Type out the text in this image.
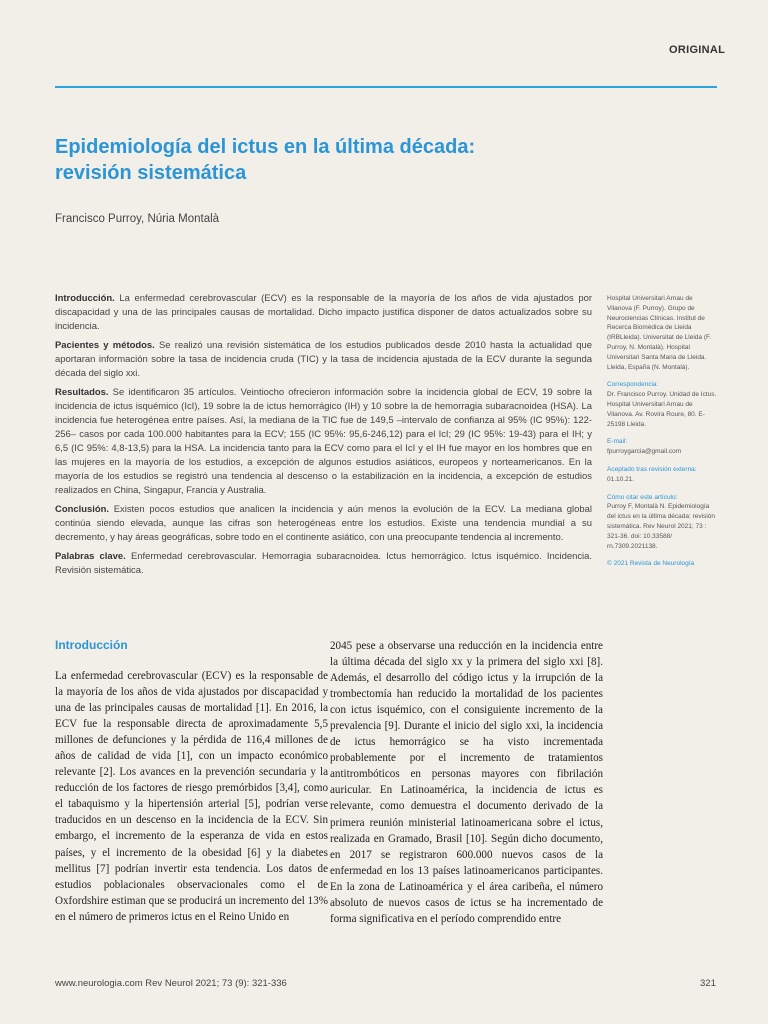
ORIGINAL
Epidemiología del ictus en la última década: revisión sistemática
Francisco Purroy, Núria Montalà

Introducción. La enfermedad cerebrovascular (ECV) es la responsable de la mayoría de los años de vida ajustados por discapacidad y una de las principales causas de mortalidad. Dicho impacto justifica disponer de datos actualizados sobre su incidencia.

Pacientes y métodos. Se realizó una revisión sistemática de los estudios publicados desde 2010 hasta la actualidad que aportaran información sobre la tasa de incidencia cruda (TIC) y la tasa de incidencia ajustada de la ECV durante la segunda década del siglo xxi.

Resultados. Se identificaron 35 artículos. Veintiocho ofrecieron información sobre la incidencia global de ECV, 19 sobre la incidencia de ictus isquémico (IcI), 19 sobre la de ictus hemorrágico (IH) y 10 sobre la de hemorragia subaracnoidea (HSA). La incidencia fue heterogénea entre países. Así, la mediana de la TIC fue de 149,5 –intervalo de confianza al 95% (IC 95%): 122-256– casos por cada 100.000 habitantes para la ECV; 155 (IC 95%: 95,6-246,12) para el IcI; 29 (IC 95%: 19-43) para el IH; y 6,5 (IC 95%: 4,8-13,5) para la HSA. La incidencia tanto para la ECV como para el IcI y el IH fue mayor en los hombres que en las mujeres en la mayoría de los estudios, a excepción de algunos estudios asiáticos, europeos y norteamericanos. En la mayoría de los estudios se registró una tendencia al descenso o la estabilización en la incidencia, a excepción de estudios realizados en China, Singapur, Francia y Australia.

Conclusión. Existen pocos estudios que analicen la incidencia y aún menos la evolución de la ECV. La mediana global continúa siendo elevada, aunque las cifras son heterogéneas entre los estudios. Existe una tendencia mundial a su decremento, y hay áreas geográficas, sobre todo en el continente asiático, con una preocupante tendencia al incremento.

Palabras clave. Enfermedad cerebrovascular. Hemorragia subaracnoidea. Ictus hemorrágico. Ictus isquémico. Incidencia. Revisión sistemática.

Hospital Universitari Arnau de Vilanova (F. Purroy). Grupo de Neurociencias Clínicas. Institut de Recerca Biomèdica de Lleida (IRBLleida). Universitat de Lleida (F. Purroy, N. Montalà). Hospital Universitari Santa Maria de Lleida. Lleida, España (N. Montalà).

Correspondencia:
Dr. Francisco Purroy. Unidad de Ictus. Hospital Universitari Arnau de Vilanova. Av. Rovira Roure, 80. E-25198 Lleida.

E-mail:
fpurroygarcia@gmail.com

Aceptado tras revisión externa:
01.10.21.

Cómo citar este artículo:
Purroy F, Montalà N. Epidemiología del ictus en la última década: revisión sistemática. Rev Neurol 2021; 73 : 321-36. doi: 10.33588/ rn.7309.2021138.

© 2021 Revista de Neurología

Introducción

La enfermedad cerebrovascular (ECV) es la responsable de la mayoría de los años de vida ajustados por discapacidad y una de las principales causas de mortalidad [1]. En 2016, la ECV fue la responsable directa de aproximadamente 5,5 millones de defunciones y la pérdida de 116,4 millones de años de calidad de vida [1], con un impacto económico relevante [2]. Los avances en la prevención secundaria y la reducción de los factores de riesgo premórbidos [3,4], como el tabaquismo y la hipertensión arterial [5], podrían verse traducidos en un descenso en la incidencia de la ECV. Sin embargo, el incremento de la esperanza de vida en estos países, y el incremento de la obesidad [6] y la diabetes mellitus [7] podrían invertir esta tendencia. Los datos de estudios poblacionales observacionales como el de Oxfordshire estiman que se producirá un incremento del 13% en el número de primeros ictus en el Reino Unido en

2045 pese a observarse una reducción en la incidencia entre la última década del siglo xx y la primera del siglo xxi [8]. Además, el desarrollo del código ictus y la irrupción de la trombectomía han reducido la mortalidad de los pacientes con ictus isquémico, con el consiguiente incremento de la prevalencia [9]. Durante el inicio del siglo xxi, la incidencia de ictus hemorrágico se ha visto incrementada probablemente por el incremento de tratamientos antitrombóticos en personas mayores con fibrilación auricular. En Latinoamérica, la incidencia de ictus es relevante, como demuestra el documento derivado de la primera reunión ministerial latinoamericana sobre el ictus, realizada en Gramado, Brasil [10]. Según dicho documento, en 2017 se registraron 600.000 nuevos casos de la enfermedad en los 13 países latinoamericanos participantes. En la zona de Latinoamérica y el área caribeña, el número absoluto de nuevos casos de ictus se ha incrementado de forma significativa en el período comprendido entre

www.neurologia.com Rev Neurol 2021; 73 (9): 321-336	321
